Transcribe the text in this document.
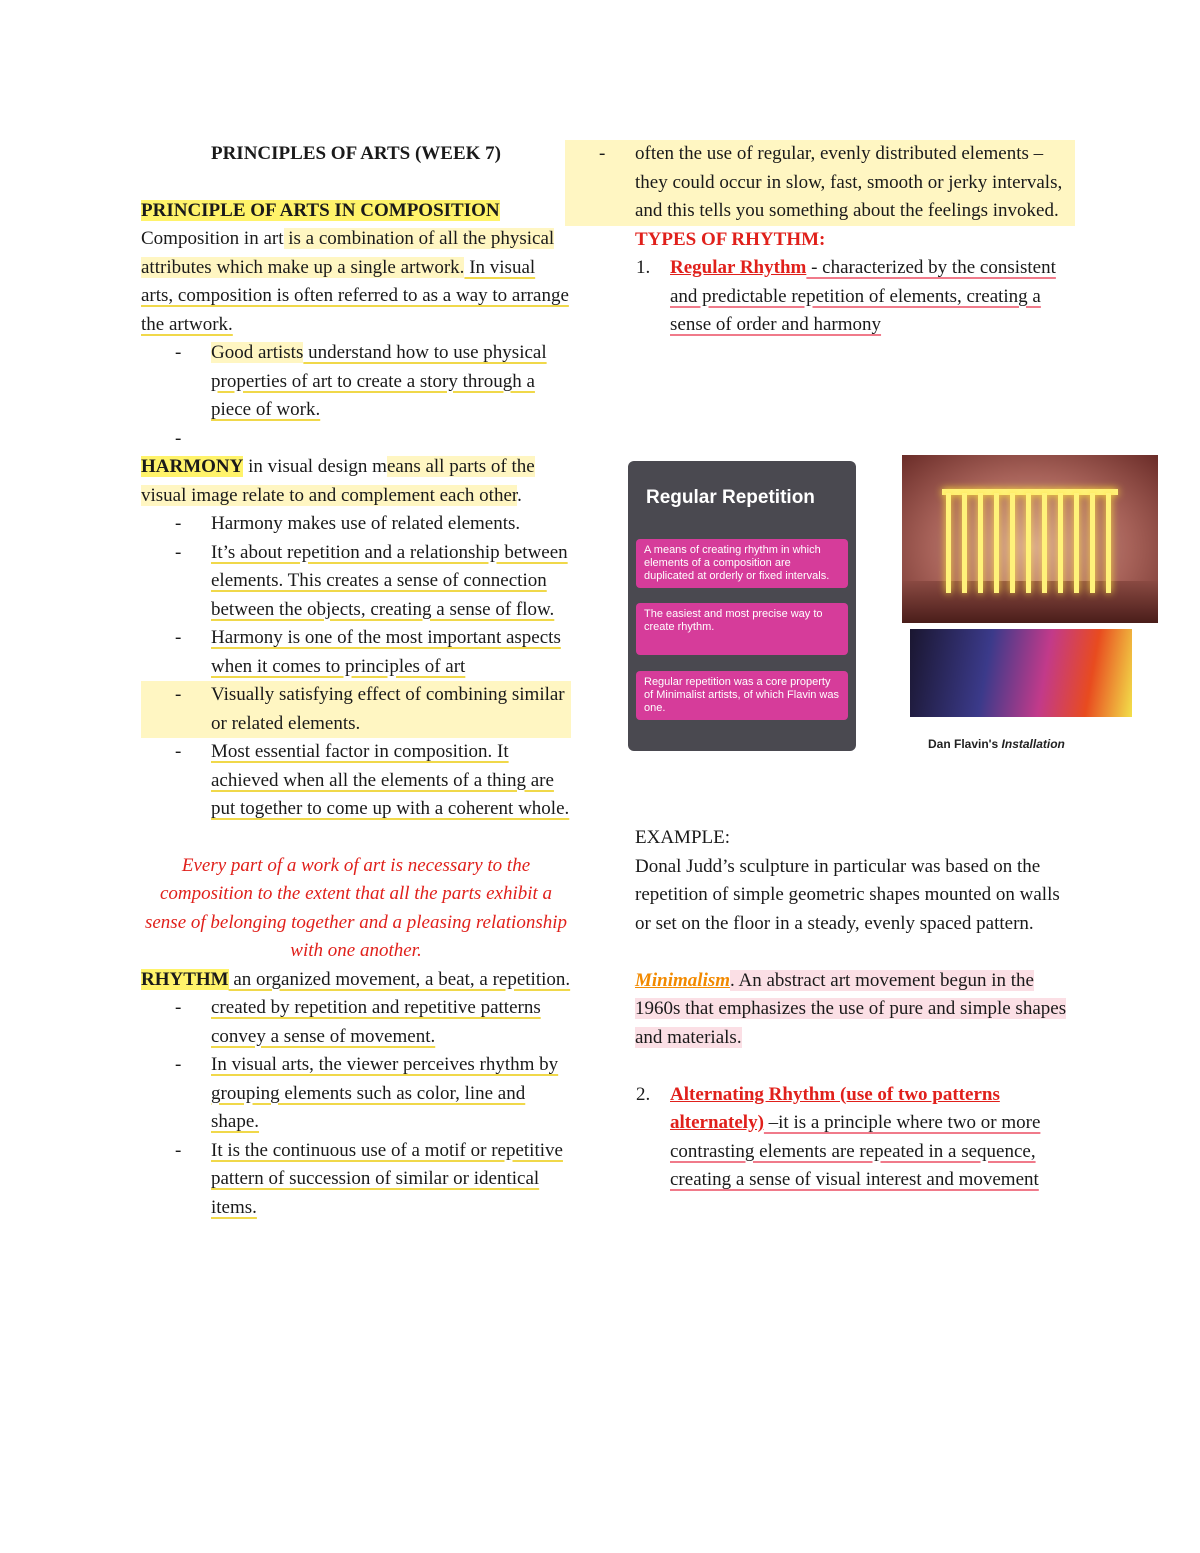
PRINCIPLES OF ARTS (WEEK 7)

PRINCIPLE OF ARTS IN COMPOSITION
Composition in art is a combination of all the physical attributes which make up a single artwork. In visual arts, composition is often referred to as a way to arrange the artwork.

- Good artists understand how to use physical properties of art to create a story through a piece of work.
-

HARMONY in visual design means all parts of the visual image relate to and complement each other.

- Harmony makes use of related elements.
- It’s about repetition and a relationship between elements. This creates a sense of connection between the objects, creating a sense of flow.
- Harmony is one of the most important aspects when it comes to principles of art
- Visually satisfying effect of combining similar or related elements.
- Most essential factor in composition. It achieved when all the elements of a thing are put together to come up with a coherent whole.

Every part of a work of art is necessary to the composition to the extent that all the parts exhibit a sense of belonging together and a pleasing relationship with one another.

RHYTHM an organized movement, a beat, a repetition.

- created by repetition and repetitive patterns convey a sense of movement.
- In visual arts, the viewer perceives rhythm by grouping elements such as color, line and shape.
- It is the continuous use of a motif or repetitive pattern of succession of similar or identical items.
- often the use of regular, evenly distributed elements – they could occur in slow, fast, smooth or jerky intervals, and this tells you something about the feelings invoked.
TYPES OF RHYTHM:
1. Regular Rhythm - characterized by the consistent and predictable repetition of elements, creating a sense of order and harmony
Regular Repetition
A means of creating rhythm in which elements of a composition are duplicated at orderly or fixed intervals.
The easiest and most precise way to create rhythm.
Regular repetition was a core property of Minimalist artists, of which Flavin was one.
Dan Flavin's Installation
EXAMPLE:

Donal Judd’s sculpture in particular was based on the repetition of simple geometric shapes mounted on walls or set on the floor in a steady, evenly spaced pattern.

Minimalism. An abstract art movement begun in the 1960s that emphasizes the use of pure and simple shapes and materials.

2. Alternating Rhythm (use of two patterns alternately) –it is a principle where two or more contrasting elements are repeated in a sequence, creating a sense of visual interest and movement
